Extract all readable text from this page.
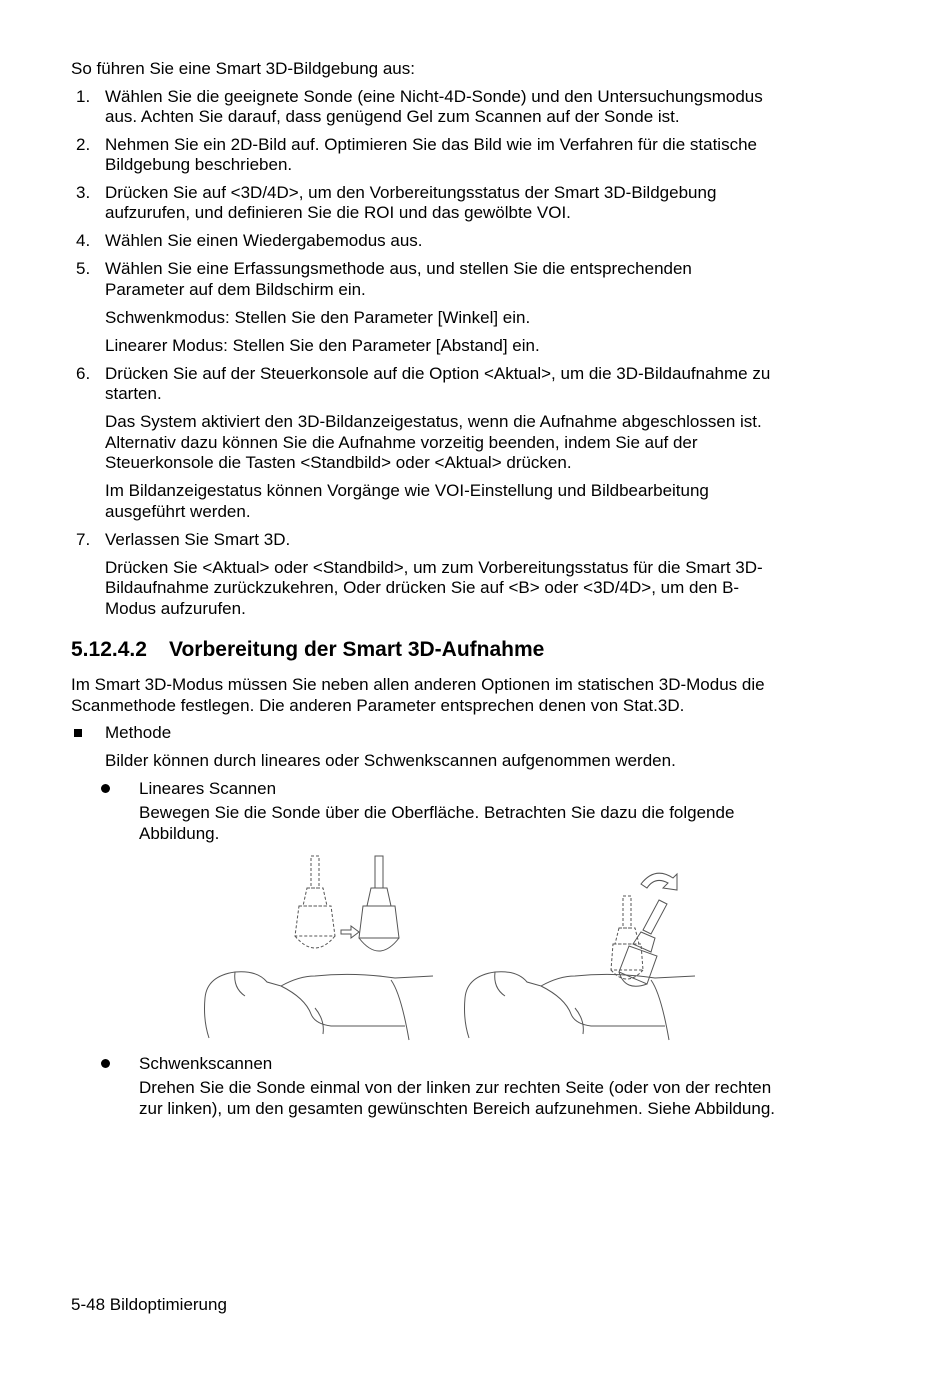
So führen Sie eine Smart 3D-Bildgebung aus:
1. Wählen Sie die geeignete Sonde (eine Nicht-4D-Sonde) und den Untersuchungsmodus
aus. Achten Sie darauf, dass genügend Gel zum Scannen auf der Sonde ist.
2. Nehmen Sie ein 2D-Bild auf. Optimieren Sie das Bild wie im Verfahren für die statische
Bildgebung beschrieben.
3. Drücken Sie auf <3D/4D>, um den Vorbereitungsstatus der Smart 3D-Bildgebung
aufzurufen, und definieren Sie die ROI und das gewölbte VOI.
4. Wählen Sie einen Wiedergabemodus aus.
5. Wählen Sie eine Erfassungsmethode aus, und stellen Sie die entsprechenden
Parameter auf dem Bildschirm ein.
Schwenkmodus: Stellen Sie den Parameter [Winkel] ein.
Linearer Modus: Stellen Sie den Parameter [Abstand] ein.
6. Drücken Sie auf der Steuerkonsole auf die Option <Aktual>, um die 3D-Bildaufnahme zu
starten.
Das System aktiviert den 3D-Bildanzeigestatus, wenn die Aufnahme abgeschlossen ist.
Alternativ dazu können Sie die Aufnahme vorzeitig beenden, indem Sie auf der
Steuerkonsole die Tasten <Standbild> oder <Aktual> drücken.
Im Bildanzeigestatus können Vorgänge wie VOI-Einstellung und Bildbearbeitung
ausgeführt werden.
7. Verlassen Sie Smart 3D.
Drücken Sie <Aktual> oder <Standbild>, um zum Vorbereitungsstatus für die Smart 3D-
Bildaufnahme zurückzukehren, Oder drücken Sie auf <B> oder <3D/4D>, um den B-
Modus aufzurufen.
5.12.4.2 Vorbereitung der Smart 3D-Aufnahme
Im Smart 3D-Modus müssen Sie neben allen anderen Optionen im statischen 3D-Modus die
Scanmethode festlegen. Die anderen Parameter entsprechen denen von Stat.3D.
Methode
Bilder können durch lineares oder Schwenkscannen aufgenommen werden.
Lineares Scannen
Bewegen Sie die Sonde über die Oberfläche. Betrachten Sie dazu die folgende
Abbildung.
Schwenkscannen
Drehen Sie die Sonde einmal von der linken zur rechten Seite (oder von der rechten
zur linken), um den gesamten gewünschten Bereich aufzunehmen. Siehe Abbildung.
5-48 Bildoptimierung
